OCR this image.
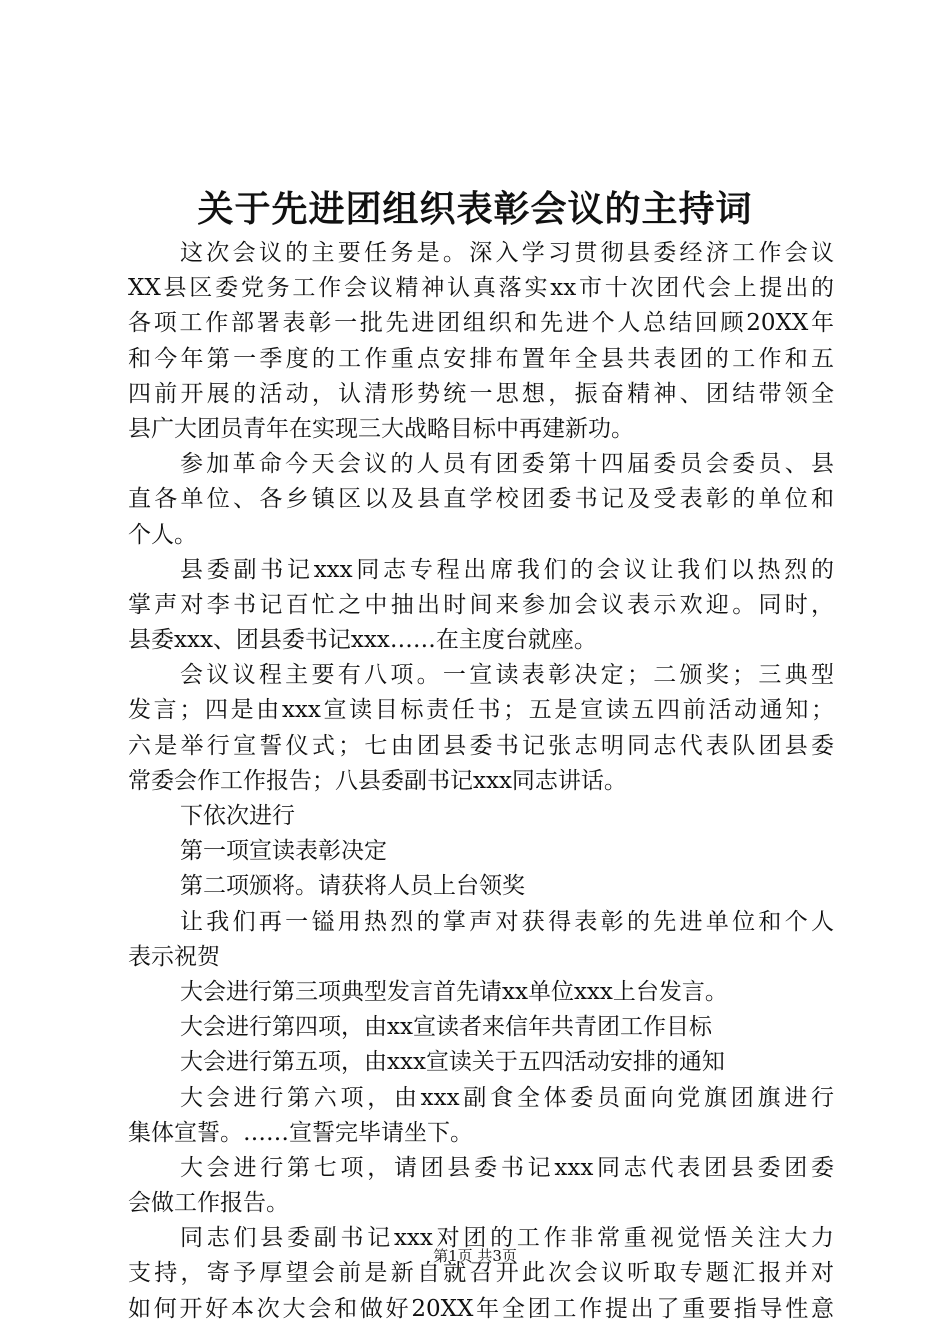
关于先进团组织表彰会议的主持词
这次会议的主要任务是。深入学习贯彻县委经济工作会议
XX县区委党务工作会议精神认真落实xx市十次团代会上提出的
各项工作部署表彰一批先进团组织和先进个人总结回顾20XX年
和今年第一季度的工作重点安排布置年全县共表团的工作和五
四前开展的活动，认清形势统一思想，振奋精神、团结带领全
县广大团员青年在实现三大战略目标中再建新功。
参加革命今天会议的人员有团委第十四届委员会委员、县
直各单位、各乡镇区以及县直学校团委书记及受表彰的单位和
个人。
县委副书记xxx同志专程出席我们的会议让我们以热烈的
掌声对李书记百忙之中抽出时间来参加会议表示欢迎。同时，
县委xxx、团县委书记xxx……在主度台就座。
会议议程主要有八项。一宣读表彰决定；二颁奖；三典型
发言；四是由xxx宣读目标责任书；五是宣读五四前活动通知；
六是举行宣誓仪式；七由团县委书记张志明同志代表队团县委
常委会作工作报告；八县委副书记xxx同志讲话。
下依次进行
第一项宣读表彰决定
第二项颁将。请获将人员上台领奖
让我们再一镒用热烈的掌声对获得表彰的先进单位和个人
表示祝贺
大会进行第三项典型发言首先请xx单位xxx上台发言。
大会进行第四项，由xx宣读者来信年共青团工作目标
大会进行第五项，由xxx宣读关于五四活动安排的通知
大会进行第六项，由xxx副食全体委员面向党旗团旗进行
集体宣誓。……宣誓完毕请坐下。
大会进行第七项，请团县委书记xxx同志代表团县委团委
会做工作报告。
同志们县委副书记xxx对团的工作非常重视觉悟关注大力
支持，寄予厚望会前是新自就召开此次会议听取专题汇报并对
如何开好本次大会和做好20XX年全团工作提出了重要指导性意
第1页 共3页
